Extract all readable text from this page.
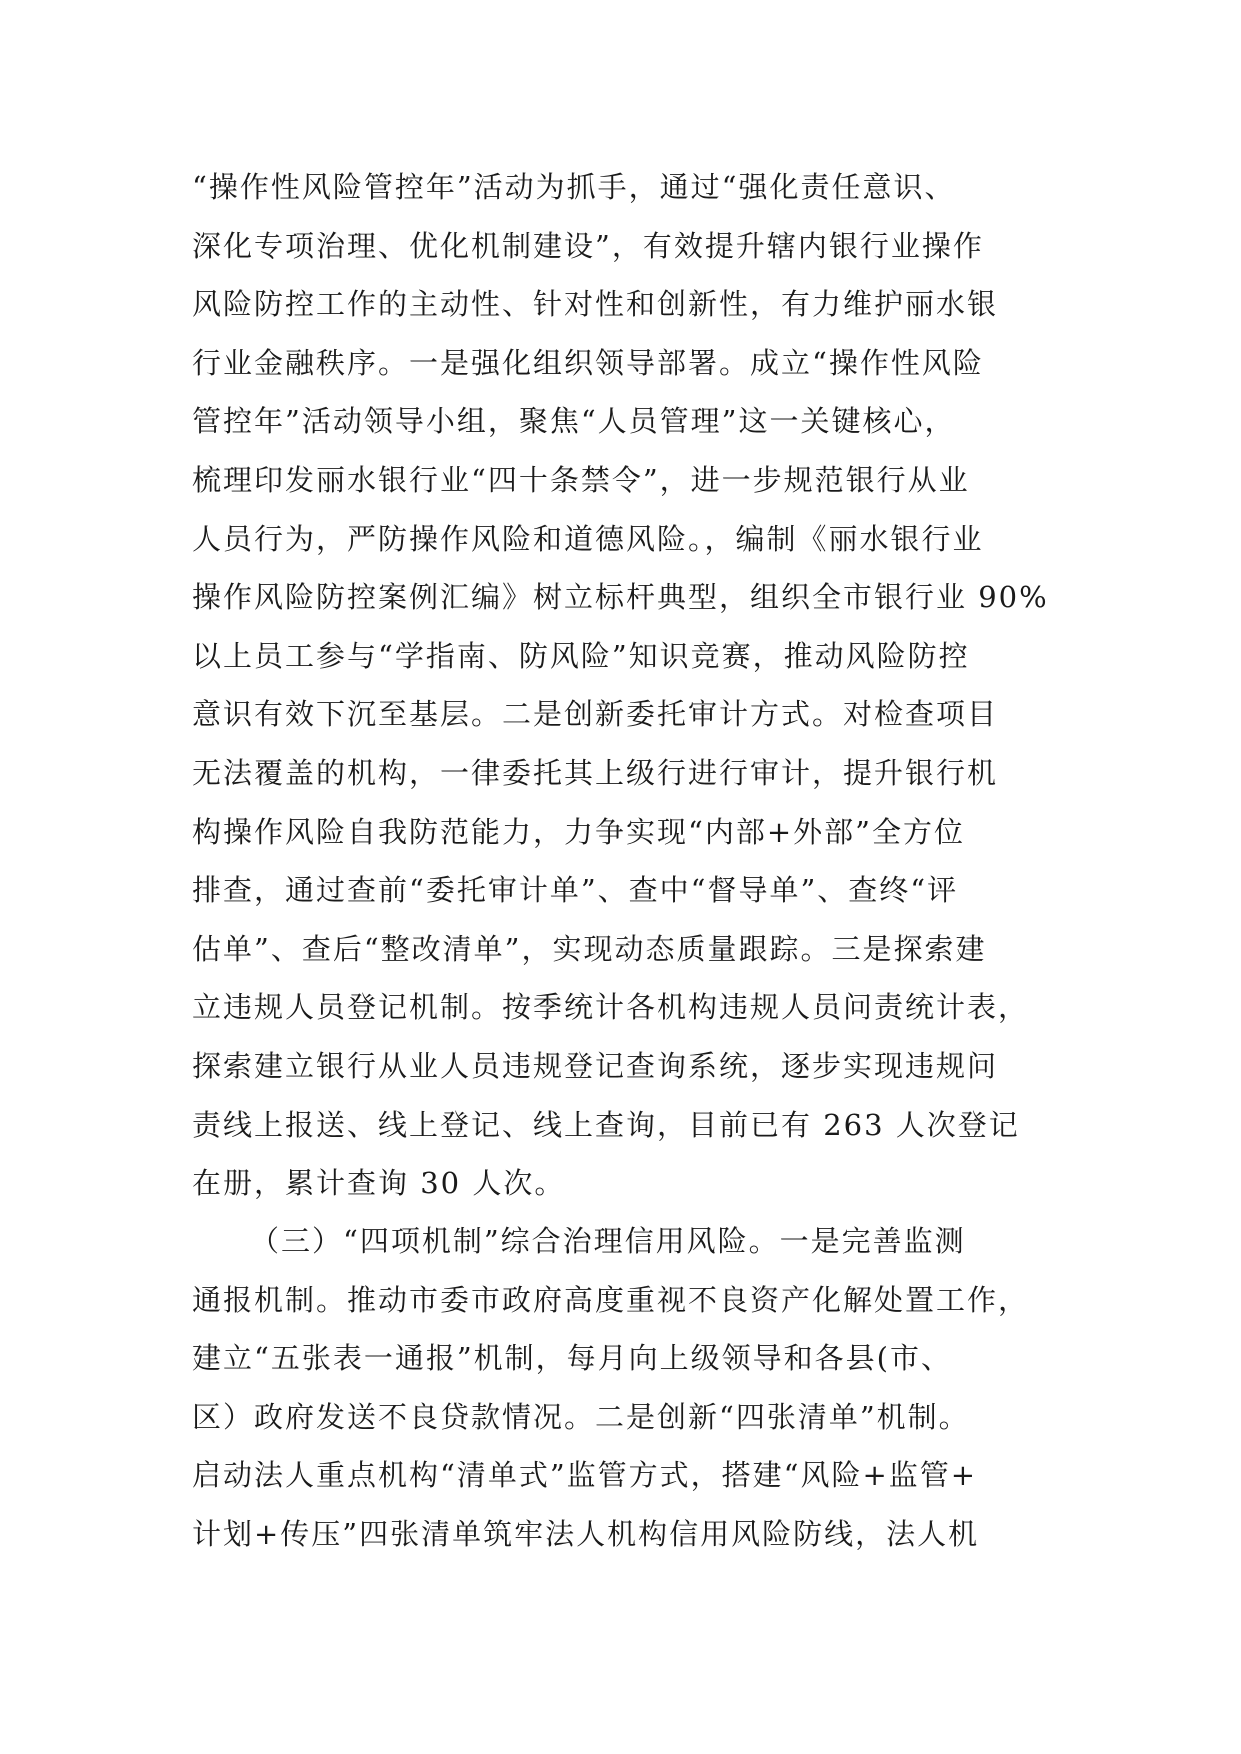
“操作性风险管控年”活动为抓手，通过“强化责任意识、
深化专项治理、优化机制建设”，有效提升辖内银行业操作
风险防控工作的主动性、针对性和创新性，有力维护丽水银
行业金融秩序。一是强化组织领导部署。成立“操作性风险
管控年”活动领导小组，聚焦“人员管理”这一关键核心，
梳理印发丽水银行业“四十条禁令”，进一步规范银行从业
人员行为，严防操作风险和道德风险。，编制《丽水银行业
操作风险防控案例汇编》树立标杆典型，组织全市银行业 90%
以上员工参与“学指南、防风险”知识竞赛，推动风险防控
意识有效下沉至基层。二是创新委托审计方式。对检查项目
无法覆盖的机构，一律委托其上级行进行审计，提升银行机
构操作风险自我防范能力，力争实现“内部+外部”全方位
排查，通过查前“委托审计单”、查中“督导单”、查终“评
估单”、查后“整改清单”，实现动态质量跟踪。三是探索建
立违规人员登记机制。按季统计各机构违规人员问责统计表，
探索建立银行从业人员违规登记查询系统，逐步实现违规问
责线上报送、线上登记、线上查询，目前已有 263 人次登记
在册，累计查询 30 人次。
（三）“四项机制”综合治理信用风险。一是完善监测
通报机制。推动市委市政府高度重视不良资产化解处置工作，
建立“五张表一通报”机制，每月向上级领导和各县(市、
区）政府发送不良贷款情况。二是创新“四张清单”机制。
启动法人重点机构“清单式”监管方式，搭建“风险+监管+
计划+传压”四张清单筑牢法人机构信用风险防线，法人机
